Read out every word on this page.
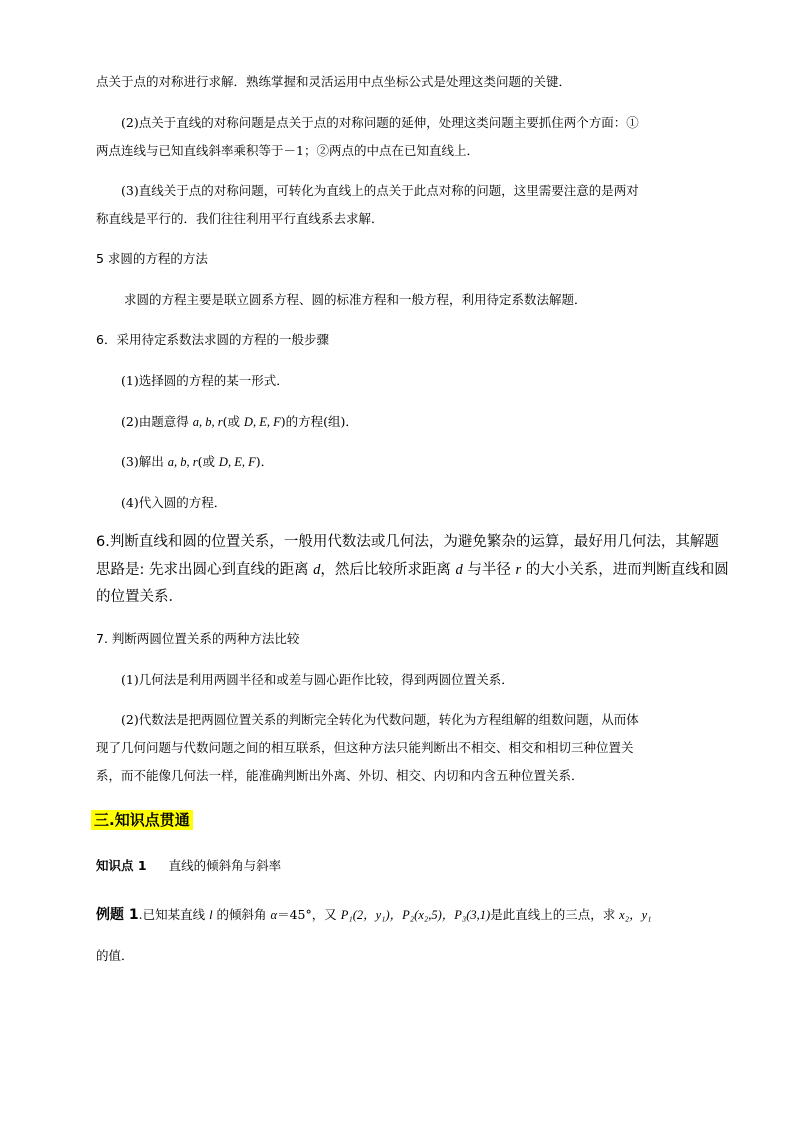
点关于点的对称进行求解．熟练掌握和灵活运用中点坐标公式是处理这类问题的关键．
(2)点关于直线的对称问题是点关于点的对称问题的延伸，处理这类问题主要抓住两个方面：①
两点连线与已知直线斜率乘积等于－1；②两点的中点在已知直线上．
(3)直线关于点的对称问题，可转化为直线上的点关于此点对称的问题，这里需要注意的是两对
称直线是平行的．我们往往利用平行直线系去求解．
5 求圆的方程的方法
求圆的方程主要是联立圆系方程、圆的标准方程和一般方程，利用待定系数法解题．
6．采用待定系数法求圆的方程的一般步骤
(1)选择圆的方程的某一形式．
(2)由题意得 a, b, r(或 D, E, F)的方程(组)．
(3)解出 a, b, r(或 D, E, F)．
(4)代入圆的方程．
6.判断直线和圆的位置关系，一般用代数法或几何法，为避免繁杂的运算，最好用几何法，其解题
思路是: 先求出圆心到直线的距离 d，然后比较所求距离 d 与半径 r 的大小关系，进而判断直线和圆
的位置关系．
7. 判断两圆位置关系的两种方法比较
(1)几何法是利用两圆半径和或差与圆心距作比较，得到两圆位置关系．
(2)代数法是把两圆位置关系的判断完全转化为代数问题，转化为方程组解的组数问题，从而体
现了几何问题与代数问题之间的相互联系，但这种方法只能判断出不相交、相交和相切三种位置关
系，而不能像几何法一样，能准确判断出外离、外切、相交、内切和内含五种位置关系．
三.知识点贯通
知识点 1 直线的倾斜角与斜率
例题 1.已知某直线 l 的倾斜角 α＝45°，又 P₁(2，y₁)，P₂(x₂,5)，P₃(3,1)是此直线上的三点，求 x₂，y₁
的值．
